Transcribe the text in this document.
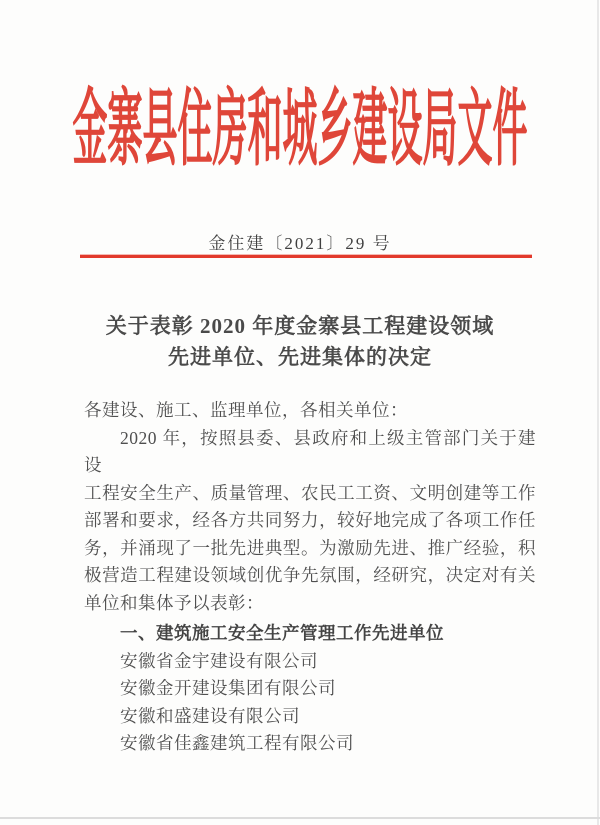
金寨县住房和城乡建设局文件
金住建〔2021〕29 号
关于表彰 2020 年度金寨县工程建设领域
先进单位、先进集体的决定
各建设、施工、监理单位，各相关单位：
2020 年，按照县委、县政府和上级主管部门关于建设
工程安全生产、质量管理、农民工工资、文明创建等工作
部署和要求，经各方共同努力，较好地完成了各项工作任
务，并涌现了一批先进典型。为激励先进、推广经验，积
极营造工程建设领域创优争先氛围，经研究，决定对有关
单位和集体予以表彰：
一、建筑施工安全生产管理工作先进单位
安徽省金宇建设有限公司
安徽金开建设集团有限公司
安徽和盛建设有限公司
安徽省佳鑫建筑工程有限公司
